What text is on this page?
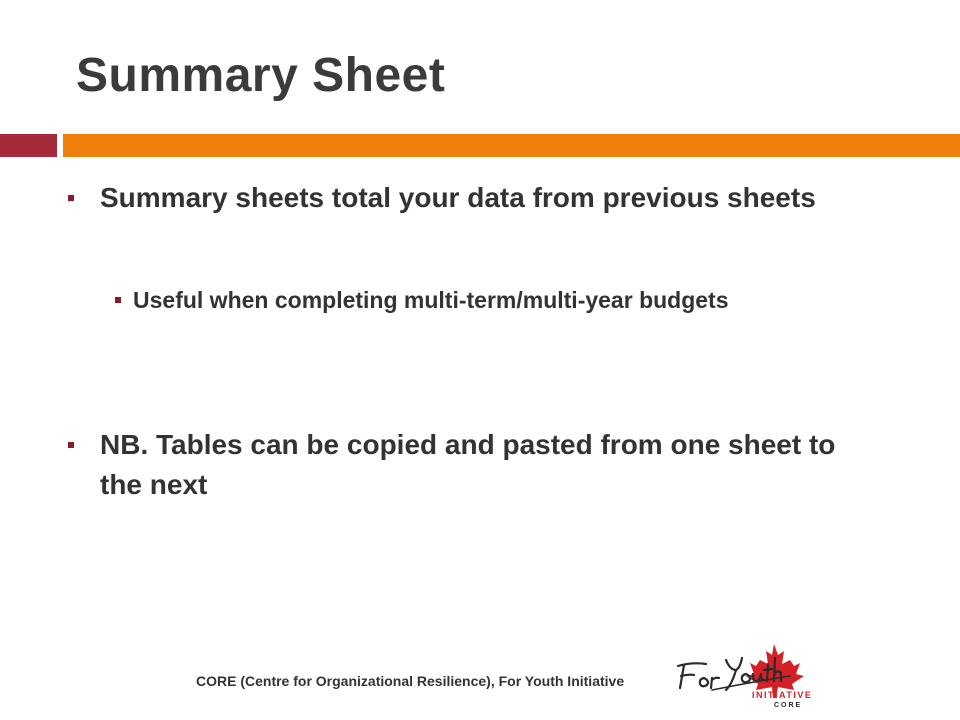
Summary Sheet
Summary sheets total your data from previous sheets
Useful when completing multi-term/multi-year budgets
NB. Tables can be copied and pasted from one sheet to the next
CORE (Centre for Organizational Resilience), For Youth Initiative
INITIATIVE
CORE
